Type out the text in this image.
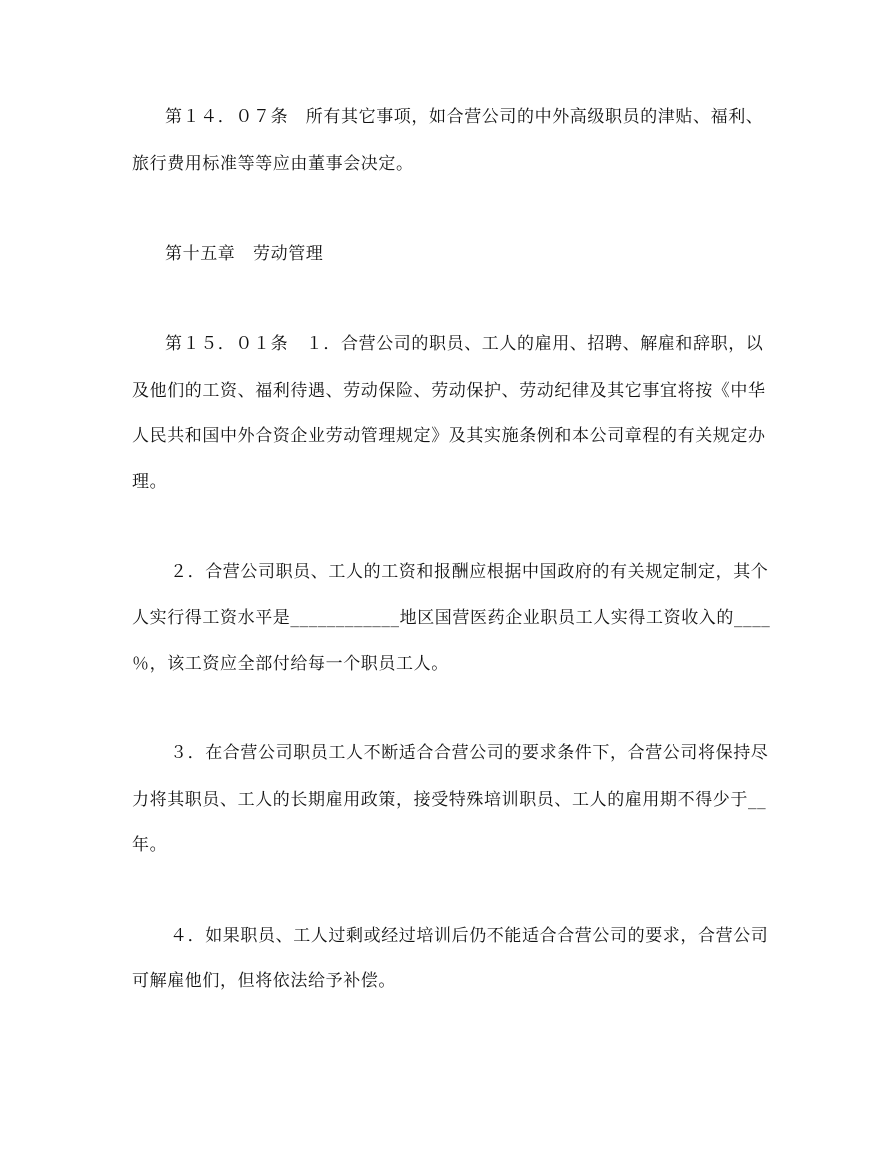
第１４．０７条　所有其它事项，如合营公司的中外高级职员的津贴、福利、
旅行费用标准等等应由董事会决定。
第十五章　劳动管理
第１５．０１条　１．合营公司的职员、工人的雇用、招聘、解雇和辞职，以
及他们的工资、福利待遇、劳动保险、劳动保护、劳动纪律及其它事宜将按《中华
人民共和国中外合资企业劳动管理规定》及其实施条例和本公司章程的有关规定办
理。
２．合营公司职员、工人的工资和报酬应根据中国政府的有关规定制定，其个
人实行得工资水平是____________地区国营医药企业职员工人实得工资收入的____
％，该工资应全部付给每一个职员工人。
３．在合营公司职员工人不断适合合营公司的要求条件下，合营公司将保持尽
力将其职员、工人的长期雇用政策，接受特殊培训职员、工人的雇用期不得少于__
年。
４．如果职员、工人过剩或经过培训后仍不能适合合营公司的要求，合营公司
可解雇他们，但将依法给予补偿。
